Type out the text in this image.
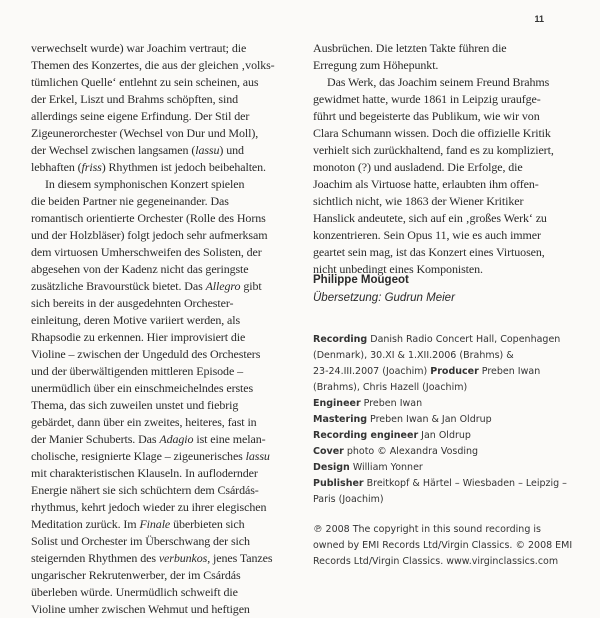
11

verwechselt wurde) war Joachim vertraut; die
Themen des Konzertes, die aus der gleichen ‚volks-
tümlichen Quelle‘ entlehnt zu sein scheinen, aus
der Erkel, Liszt und Brahms schöpften, sind
allerdings seine eigene Erfindung. Der Stil der
Zigeunerorchester (Wechsel von Dur und Moll),
der Wechsel zwischen langsamen (lassu) und
lebhaften (friss) Rhythmen ist jedoch beibehalten.

In diesem symphonischen Konzert spielen
die beiden Partner nie gegeneinander. Das
romantisch orientierte Orchester (Rolle des Horns
und der Holzbläser) folgt jedoch sehr aufmerksam
dem virtuosen Umherschweifen des Solisten, der
abgesehen von der Kadenz nicht das geringste
zusätzliche Bravourstück bietet. Das Allegro gibt
sich bereits in der ausgedehnten Orchester-
einleitung, deren Motive variiert werden, als
Rhapsodie zu erkennen. Hier improvisiert die
Violine – zwischen der Ungeduld des Orchesters
und der überwältigenden mittleren Episode –
unermüdlich über ein einschmeichelndes erstes
Thema, das sich zuweilen unstet und fiebrig
gebärdet, dann über ein zweites, heiteres, fast in
der Manier Schuberts. Das Adagio ist eine melan-
cholische, resignierte Klage – zigeunerisches lassu
mit charakteristischen Klauseln. In auflodernder
Energie nähert sie sich schüchtern dem Csárdás-
rhythmus, kehrt jedoch wieder zu ihrer elegischen
Meditation zurück. Im Finale überbieten sich
Solist und Orchester im Überschwang der sich
steigernden Rhythmen des verbunkos, jenes Tanzes
ungarischer Rekrutenwerber, der im Csárdás
überleben würde. Unermüdlich schweift die
Violine umher zwischen Wehmut und heftigen

Ausbrüchen. Die letzten Takte führen die
Erregung zum Höhepunkt.

Das Werk, das Joachim seinem Freund Brahms
gewidmet hatte, wurde 1861 in Leipzig uraufge-
führt und begeisterte das Publikum, wie wir von
Clara Schumann wissen. Doch die offizielle Kritik
verhielt sich zurückhaltend, fand es zu kompliziert,
monoton (?) und ausladend. Die Erfolge, die
Joachim als Virtuose hatte, erlaubten ihm offen-
sichtlich nicht, wie 1863 der Wiener Kritiker
Hanslick andeutete, sich auf ein ‚großes Werk‘ zu
konzentrieren. Sein Opus 11, wie es auch immer
geartet sein mag, ist das Konzert eines Virtuosen,
nicht unbedingt eines Komponisten.

Philippe Mougeot
Übersetzung: Gudrun Meier
Recording Danish Radio Concert Hall, Copenhagen
(Denmark), 30.XI & 1.XII.2006 (Brahms) &
23-24.III.2007 (Joachim) Producer Preben Iwan
(Brahms), Chris Hazell (Joachim)
Engineer Preben Iwan
Mastering Preben Iwan & Jan Oldrup
Recording engineer Jan Oldrup
Cover photo © Alexandra Vosding
Design William Yonner
Publisher Breitkopf & Härtel – Wiesbaden – Leipzig –
Paris (Joachim)
℗ 2008 The copyright in this sound recording is
owned by EMI Records Ltd/Virgin Classics. © 2008 EMI
Records Ltd/Virgin Classics. www.virginclassics.com
